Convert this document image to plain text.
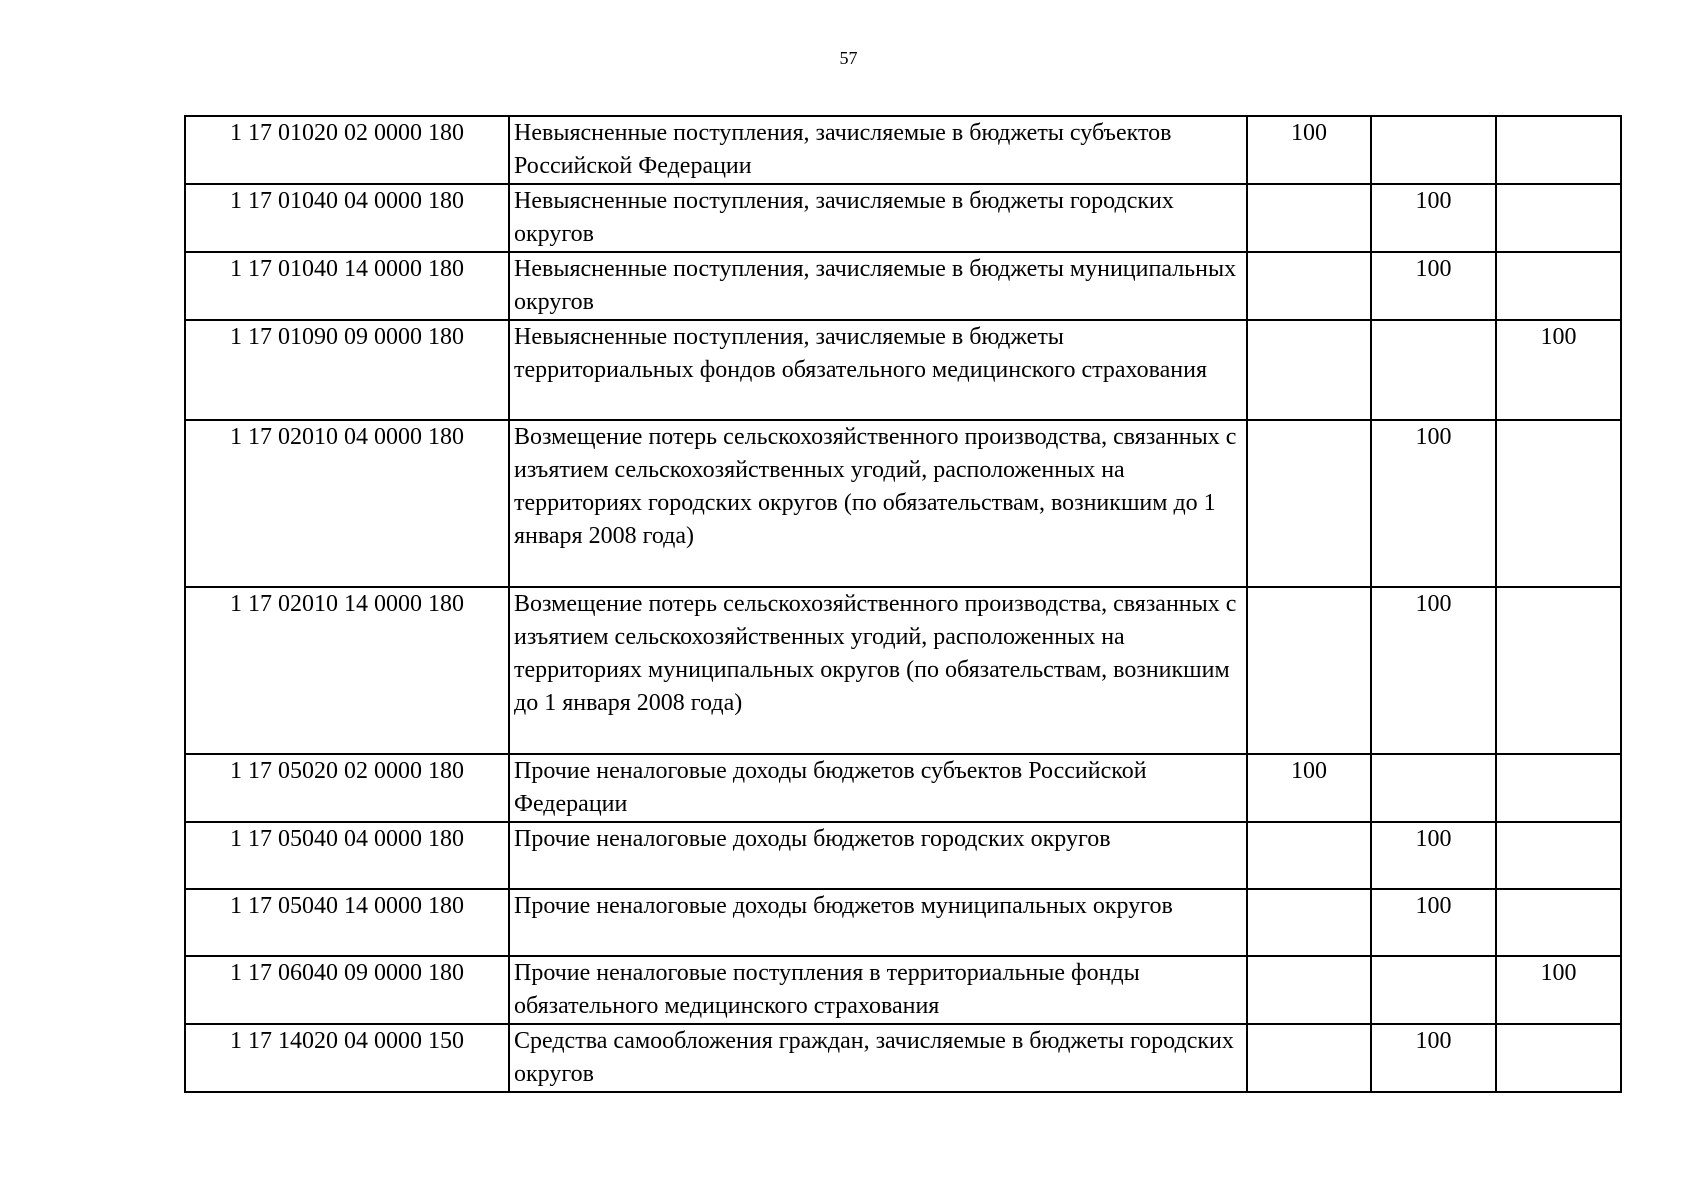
57
1 17 01020 02 0000 180	Невыясненные поступления, зачисляемые в бюджеты субъектов Российской Федерации	100		
1 17 01040 04 0000 180	Невыясненные поступления, зачисляемые в бюджеты городских округов		100	
1 17 01040 14 0000 180	Невыясненные поступления, зачисляемые в бюджеты муниципальных округов		100	
1 17 01090 09 0000 180	Невыясненные поступления, зачисляемые в бюджеты территориальных фондов обязательного медицинского страхования			100
1 17 02010 04 0000 180	Возмещение потерь сельскохозяйственного производства, связанных с изъятием сельскохозяйственных угодий, расположенных на территориях городских округов (по обязательствам, возникшим до 1 января 2008 года)		100	
1 17 02010 14 0000 180	Возмещение потерь сельскохозяйственного производства, связанных с изъятием сельскохозяйственных угодий, расположенных на территориях муниципальных округов (по обязательствам, возникшим до 1 января 2008 года)		100	
1 17 05020 02 0000 180	Прочие неналоговые доходы бюджетов субъектов Российской Федерации	100		
1 17 05040 04 0000 180	Прочие неналоговые доходы бюджетов городских округов		100	
1 17 05040 14 0000 180	Прочие неналоговые доходы бюджетов муниципальных округов		100	
1 17 06040 09 0000 180	Прочие неналоговые поступления в территориальные фонды обязательного медицинского страхования			100
1 17 14020 04 0000 150	Средства самообложения граждан, зачисляемые в бюджеты городских округов		100	
